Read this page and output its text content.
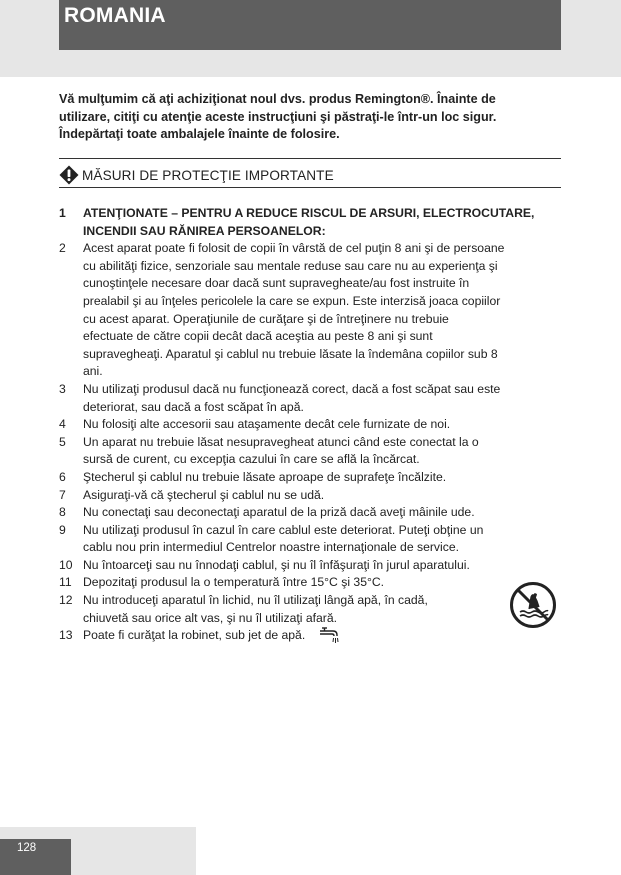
ROMANIA
Vă mulţumim că aţi achiziţionat noul dvs. produs Remington®. Înainte de
utilizare, citiţi cu atenţie aceste instrucţiuni şi păstraţi-le într-un loc sigur.
Îndepărtaţi toate ambalajele înainte de folosire.
MĂSURI DE PROTECŢIE IMPORTANTE
1 ATENŢIONATE – PENTRU A REDUCE RISCUL DE ARSURI, ELECTROCUTARE,
INCENDII SAU RĂNIREA PERSOANELOR:
2 Acest aparat poate fi folosit de copii în vârstă de cel puţin 8 ani şi de persoane
cu abilităţi fizice, senzoriale sau mentale reduse sau care nu au experienţa şi
cunoştinţele necesare doar dacă sunt supravegheate/au fost instruite în
prealabil şi au înţeles pericolele la care se expun. Este interzisă joaca copiilor
cu acest aparat. Operaţiunile de curăţare şi de întreţinere nu trebuie
efectuate de către copii decât dacă aceştia au peste 8 ani şi sunt
supravegheaţi. Aparatul şi cablul nu trebuie lăsate la îndemâna copiilor sub 8
ani.
3 Nu utilizaţi produsul dacă nu funcţionează corect, dacă a fost scăpat sau este
deteriorat, sau dacă a fost scăpat în apă.
4 Nu folosiţi alte accesorii sau ataşamente decât cele furnizate de noi.
5 Un aparat nu trebuie lăsat nesupravegheat atunci când este conectat la o
sursă de curent, cu excepţia cazului în care se află la încărcat.
6 Ştecherul şi cablul nu trebuie lăsate aproape de suprafeţe încălzite.
7 Asiguraţi-vă că ştecherul şi cablul nu se udă.
8 Nu conectaţi sau deconectaţi aparatul de la priză dacă aveţi mâinile ude.
9 Nu utilizaţi produsul în cazul în care cablul este deteriorat. Puteţi obţine un
cablu nou prin intermediul Centrelor noastre internaţionale de service.
10 Nu întoarceţi sau nu înnodaţi cablul, şi nu îl înfăşuraţi în jurul aparatului.
11 Depozitaţi produsul la o temperatură între 15°C şi 35°C.
12 Nu introduceţi aparatul în lichid, nu îl utilizaţi lângă apă, în cadă,
chiuvetă sau orice alt vas, şi nu îl utilizaţi afară.
13 Poate fi curăţat la robinet, sub jet de apă.
128
